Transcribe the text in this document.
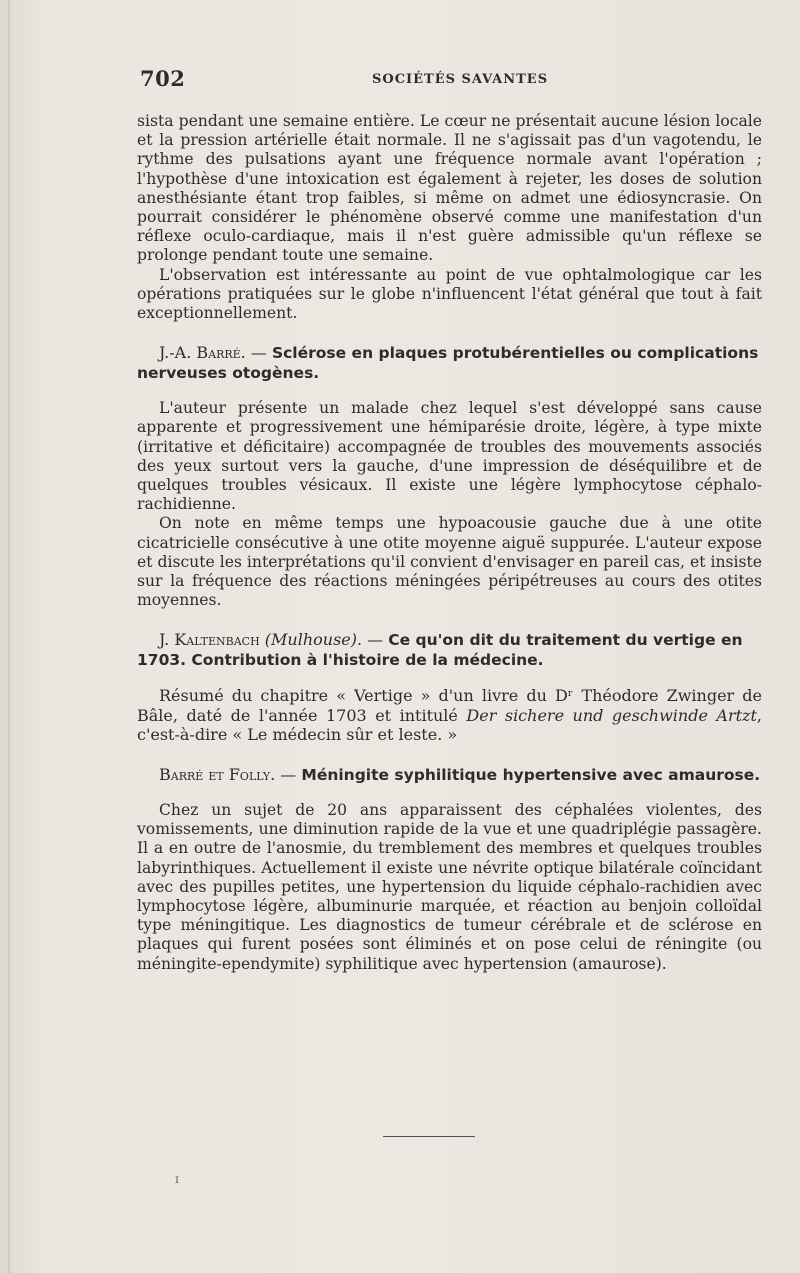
702	SOCIÉTÉS SAVANTES

sista pendant une semaine entière. Le cœur ne présentait aucune lésion locale et la pression artérielle était normale. Il ne s'agissait pas d'un vagotendu, le rythme des pulsations ayant une fréquence normale avant l'opération ; l'hypothèse d'une intoxication est également à rejeter, les doses de solution anesthésiante étant trop faibles, si même on admet une édiosyncrasie. On pourrait considérer le phénomène observé comme une manifestation d'un réflexe oculo-cardiaque, mais il n'est guère admissible qu'un réflexe se prolonge pendant toute une semaine.

L'observation est intéressante au point de vue ophtalmologique car les opérations pratiquées sur le globe n'influencent l'état général que tout à fait exceptionnellement.

J.-A. Barré. — Sclérose en plaques protubérentielles ou complications nerveuses otogènes.

L'auteur présente un malade chez lequel s'est développé sans cause apparente et progressivement une hémiparésie droite, légère, à type mixte (irritative et déficitaire) accompagnée de troubles des mouvements associés des yeux surtout vers la gauche, d'une impression de déséquilibre et de quelques troubles vésicaux. Il existe une légère lymphocytose céphalo-rachidienne.

On note en même temps une hypoacousie gauche due à une otite cicatricielle consécutive à une otite moyenne aiguë suppurée. L'auteur expose et discute les interprétations qu'il convient d'envisager en pareil cas, et insiste sur la fréquence des réactions méningées péripétreuses au cours des otites moyennes.

J. Kaltenbach (Mulhouse). — Ce qu'on dit du traitement du vertige en 1703. Contribution à l'histoire de la médecine.

Résumé du chapitre « Vertige » d'un livre du Dʳ Théodore Zwinger de Bâle, daté de l'année 1703 et intitulé Der sichere und geschwinde Artzt, c'est-à-dire « Le médecin sûr et leste. »

Barré et Folly. — Méningite syphilitique hypertensive avec amaurose.

Chez un sujet de 20 ans apparaissent des céphalées violentes, des vomissements, une diminution rapide de la vue et une quadriplégie passagère. Il a en outre de l'anosmie, du tremblement des membres et quelques troubles labyrinthiques. Actuellement il existe une névrite optique bilatérale coïncidant avec des pupilles petites, une hypertension du liquide céphalo-rachidien avec lymphocytose légère, albuminurie marquée, et réaction au benjoin colloïdal type méningitique. Les diagnostics de tumeur cérébrale et de sclérose en plaques qui furent posées sont éliminés et on pose celui de réningite (ou méningite-ependymite) syphilitique avec hypertension (amaurose).

ɪ
